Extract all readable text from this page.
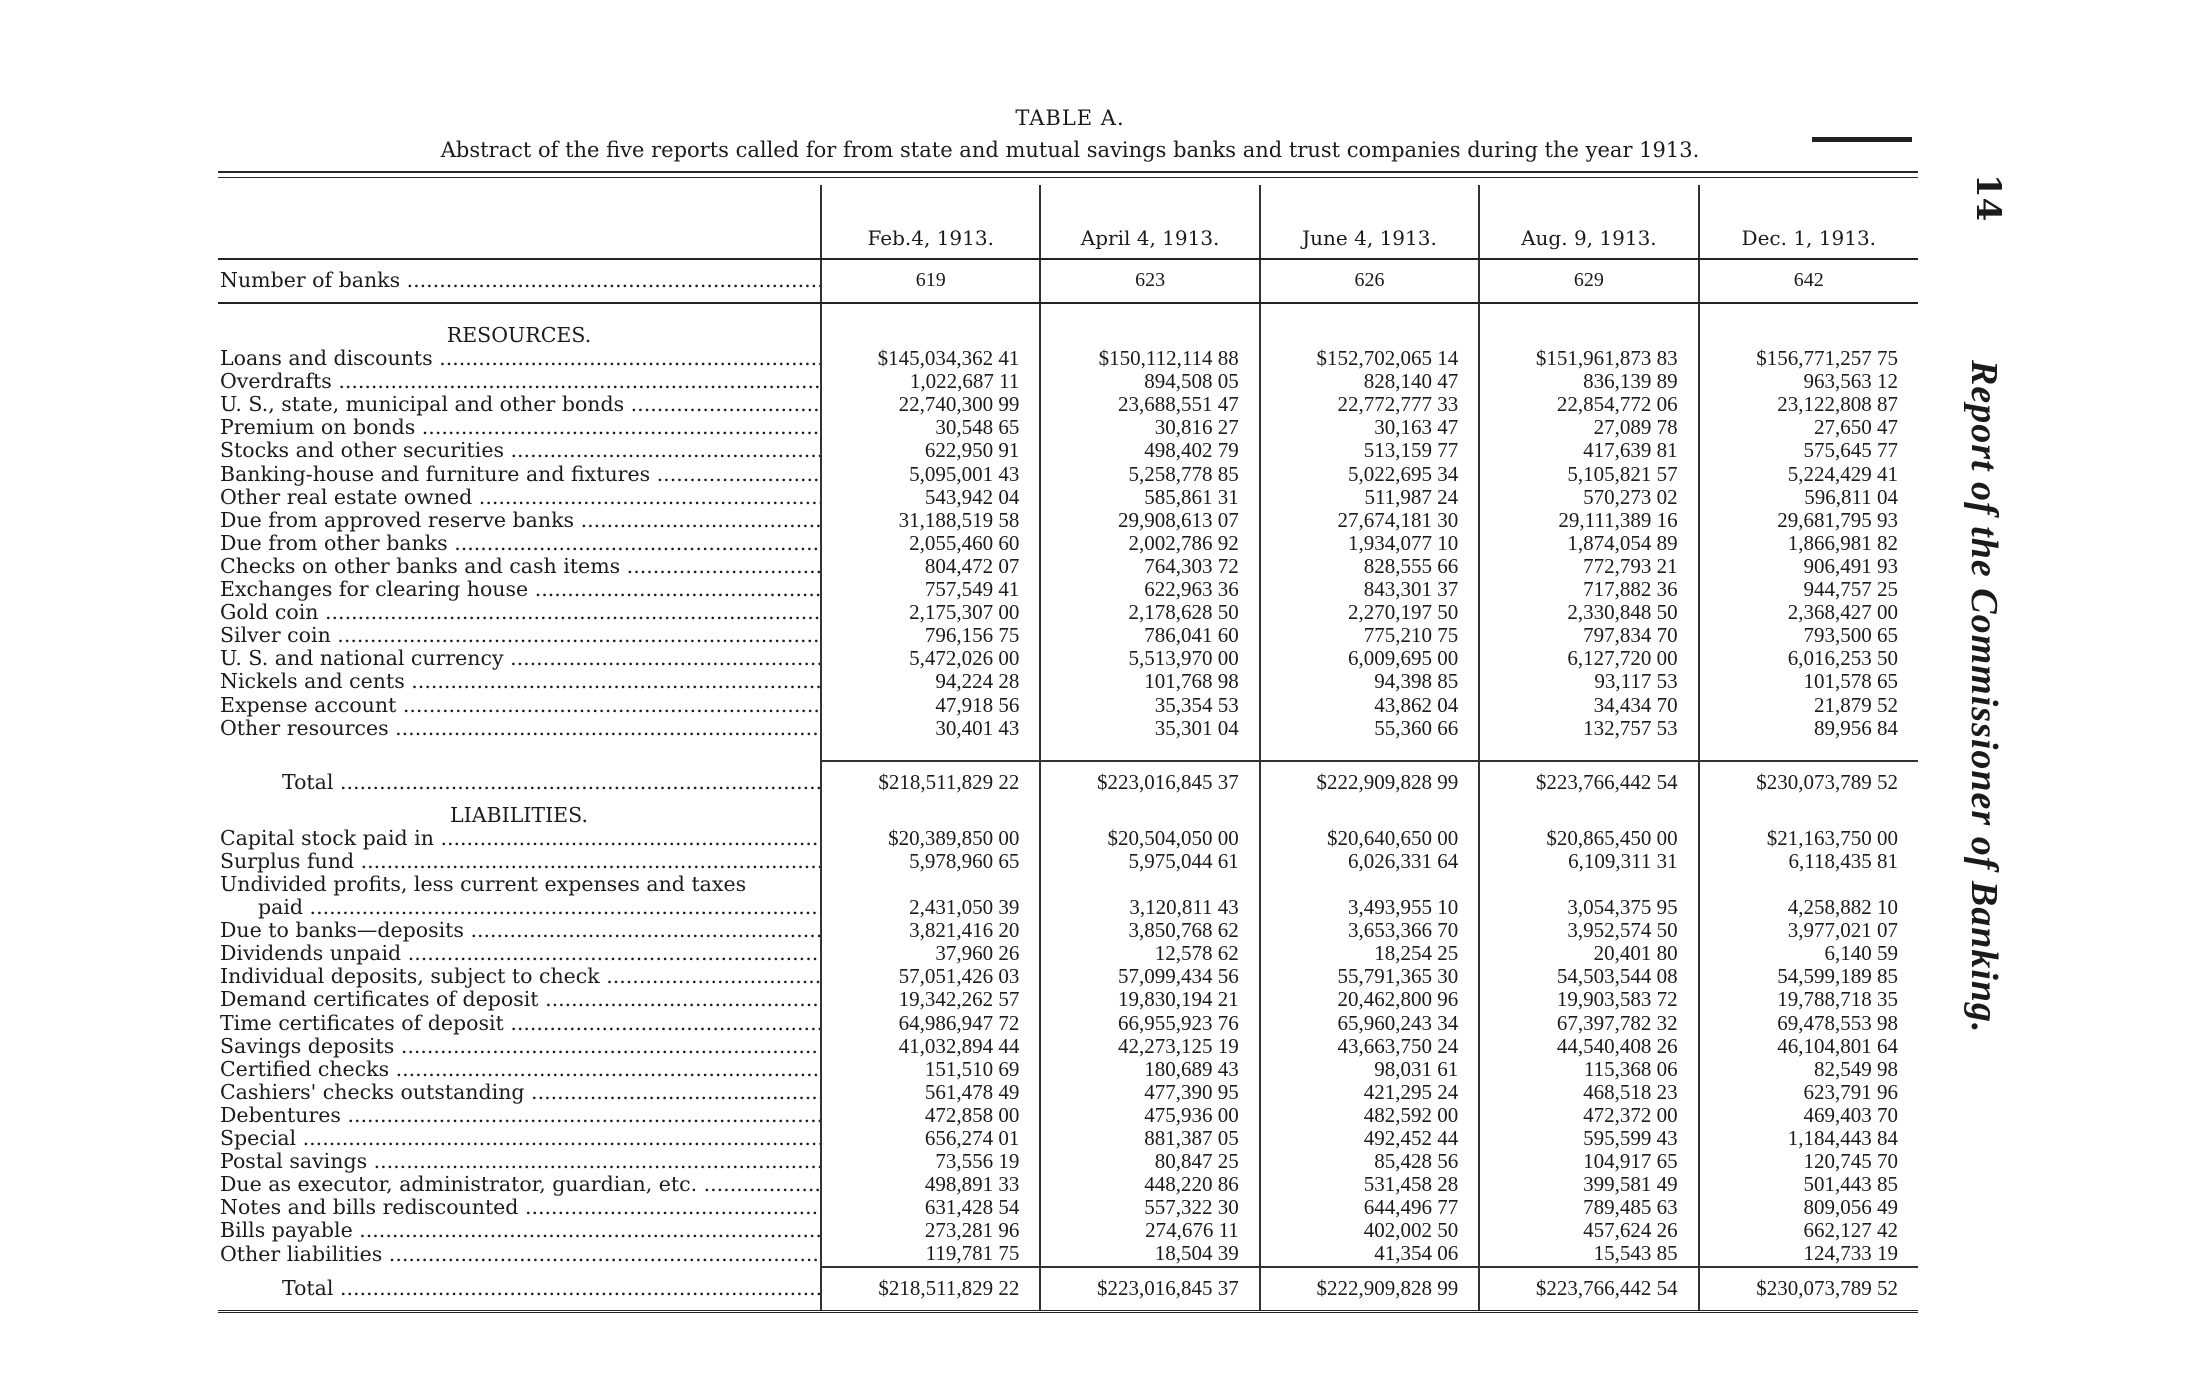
TABLE A.
Abstract of the five reports called for from state and mutual savings banks and trust companies during the year 1913.
	Feb.4, 1913.	April 4, 1913.	June 4, 1913.	Aug. 9, 1913.	Dec. 1, 1913.
Number of banks .....	619	623	626	629	642

RESOURCES.					
Loans and discounts .....	$145,034,362 41	$150,112,114 88	$152,702,065 14	$151,961,873 83	$156,771,257 75
Overdrafts .....	1,022,687 11	894,508 05	828,140 47	836,139 89	963,563 12
U. S., state, municipal and other bonds .....	22,740,300 99	23,688,551 47	22,772,777 33	22,854,772 06	23,122,808 87
Premium on bonds .....	30,548 65	30,816 27	30,163 47	27,089 78	27,650 47
Stocks and other securities .....	622,950 91	498,402 79	513,159 77	417,639 81	575,645 77
Banking-house and furniture and fixtures .....	5,095,001 43	5,258,778 85	5,022,695 34	5,105,821 57	5,224,429 41
Other real estate owned .....	543,942 04	585,861 31	511,987 24	570,273 02	596,811 04
Due from approved reserve banks .....	31,188,519 58	29,908,613 07	27,674,181 30	29,111,389 16	29,681,795 93
Due from other banks .....	2,055,460 60	2,002,786 92	1,934,077 10	1,874,054 89	1,866,981 82
Checks on other banks and cash items .....	804,472 07	764,303 72	828,555 66	772,793 21	906,491 93
Exchanges for clearing house .....	757,549 41	622,963 36	843,301 37	717,882 36	944,757 25
Gold coin .....	2,175,307 00	2,178,628 50	2,270,197 50	2,330,848 50	2,368,427 00
Silver coin .....	796,156 75	786,041 60	775,210 75	797,834 70	793,500 65
U. S. and national currency .....	5,472,026 00	5,513,970 00	6,009,695 00	6,127,720 00	6,016,253 50
Nickels and cents .....	94,224 28	101,768 98	94,398 85	93,117 53	101,578 65
Expense account .....	47,918 56	35,354 53	43,862 04	34,434 70	21,879 52
Other resources .....	30,401 43	35,301 04	55,360 66	132,757 53	89,956 84

Total .....	$218,511,829 22	$223,016,845 37	$222,909,828 99	$223,766,442 54	$230,073,789 52
LIABILITIES.					
Capital stock paid in .....	$20,389,850 00	$20,504,050 00	$20,640,650 00	$20,865,450 00	$21,163,750 00
Surplus fund .....	5,978,960 65	5,975,044 61	6,026,331 64	6,109,311 31	6,118,435 81
Undivided profits, less current expenses and taxes					
paid .....	2,431,050 39	3,120,811 43	3,493,955 10	3,054,375 95	4,258,882 10
Due to banks—deposits .....	3,821,416 20	3,850,768 62	3,653,366 70	3,952,574 50	3,977,021 07
Dividends unpaid .....	37,960 26	12,578 62	18,254 25	20,401 80	6,140 59
Individual deposits, subject to check .....	57,051,426 03	57,099,434 56	55,791,365 30	54,503,544 08	54,599,189 85
Demand certificates of deposit .....	19,342,262 57	19,830,194 21	20,462,800 96	19,903,583 72	19,788,718 35
Time certificates of deposit .....	64,986,947 72	66,955,923 76	65,960,243 34	67,397,782 32	69,478,553 98
Savings deposits .....	41,032,894 44	42,273,125 19	43,663,750 24	44,540,408 26	46,104,801 64
Certified checks .....	151,510 69	180,689 43	98,031 61	115,368 06	82,549 98
Cashiers' checks outstanding .....	561,478 49	477,390 95	421,295 24	468,518 23	623,791 96
Debentures .....	472,858 00	475,936 00	482,592 00	472,372 00	469,403 70
Special .....	656,274 01	881,387 05	492,452 44	595,599 43	1,184,443 84
Postal savings .....	73,556 19	80,847 25	85,428 56	104,917 65	120,745 70
Due as executor, administrator, guardian, etc. .....	498,891 33	448,220 86	531,458 28	399,581 49	501,443 85
Notes and bills rediscounted .....	631,428 54	557,322 30	644,496 77	789,485 63	809,056 49
Bills payable .....	273,281 96	274,676 11	402,002 50	457,624 26	662,127 42
Other liabilities .....	119,781 75	18,504 39	41,354 06	15,543 85	124,733 19
Total .....	$218,511,829 22	$223,016,845 37	$222,909,828 99	$223,766,442 54	$230,073,789 52
14
Report of the Commissioner of Banking.
